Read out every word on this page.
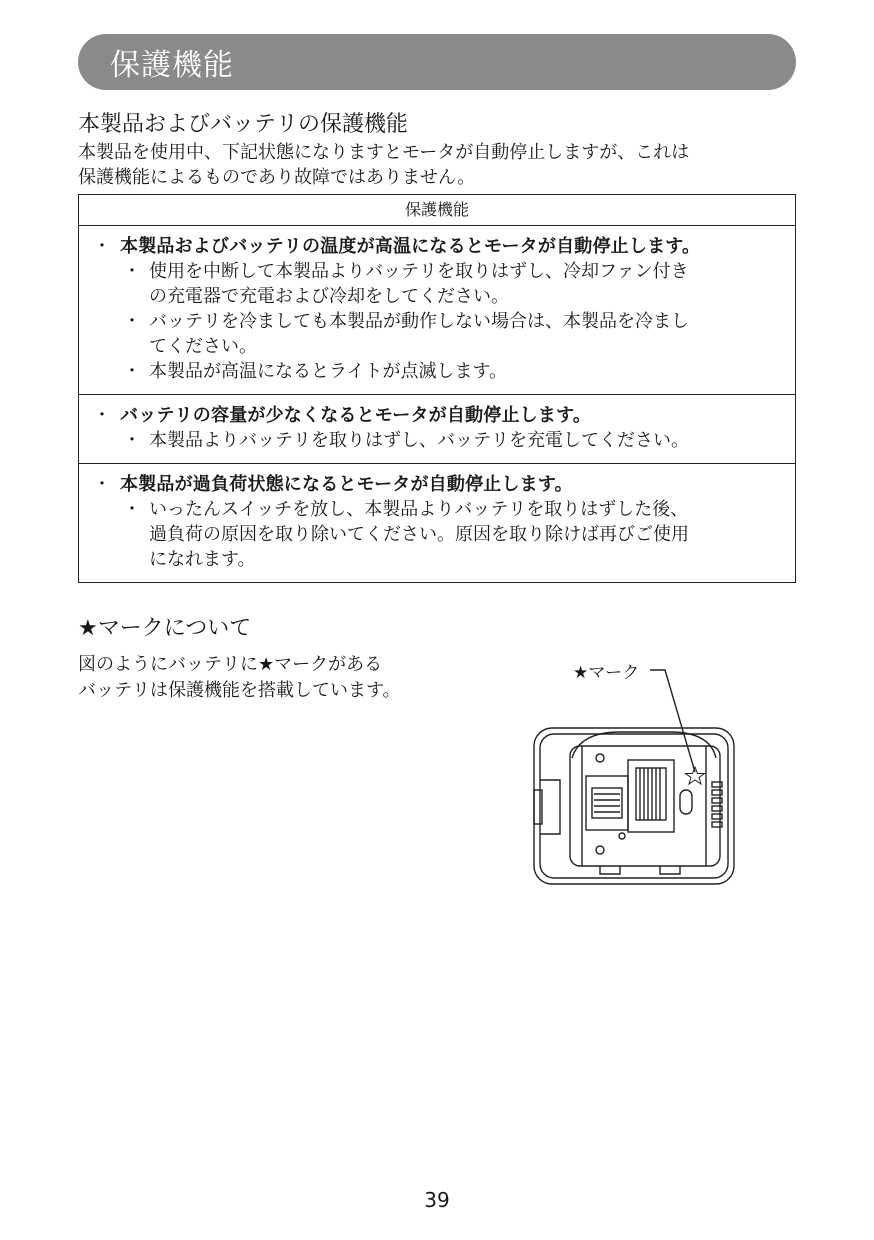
保護機能
本製品およびバッテリの保護機能

本製品を使用中、下記状態になりますとモータが自動停止しますが、これは
保護機能によるものであり故障ではありません。

保護機能
・ 本製品およびバッテリの温度が高温になるとモータが自動停止します。
・ 使用を中断して本製品よりバッテリを取りはずし、冷却ファン付き
の充電器で充電および冷却をしてください。
・ バッテリを冷ましても本製品が動作しない場合は、本製品を冷まし
てください。
・ 本製品が高温になるとライトが点滅します。
・ バッテリの容量が少なくなるとモータが自動停止します。
・ 本製品よりバッテリを取りはずし、バッテリを充電してください。
・ 本製品が過負荷状態になるとモータが自動停止します。
・ いったんスイッチを放し、本製品よりバッテリを取りはずした後、
過負荷の原因を取り除いてください。原因を取り除けば再びご使用
になれます。
★マークについて
図のようにバッテリに★マークがある
バッテリは保護機能を搭載しています。
★マーク
39
